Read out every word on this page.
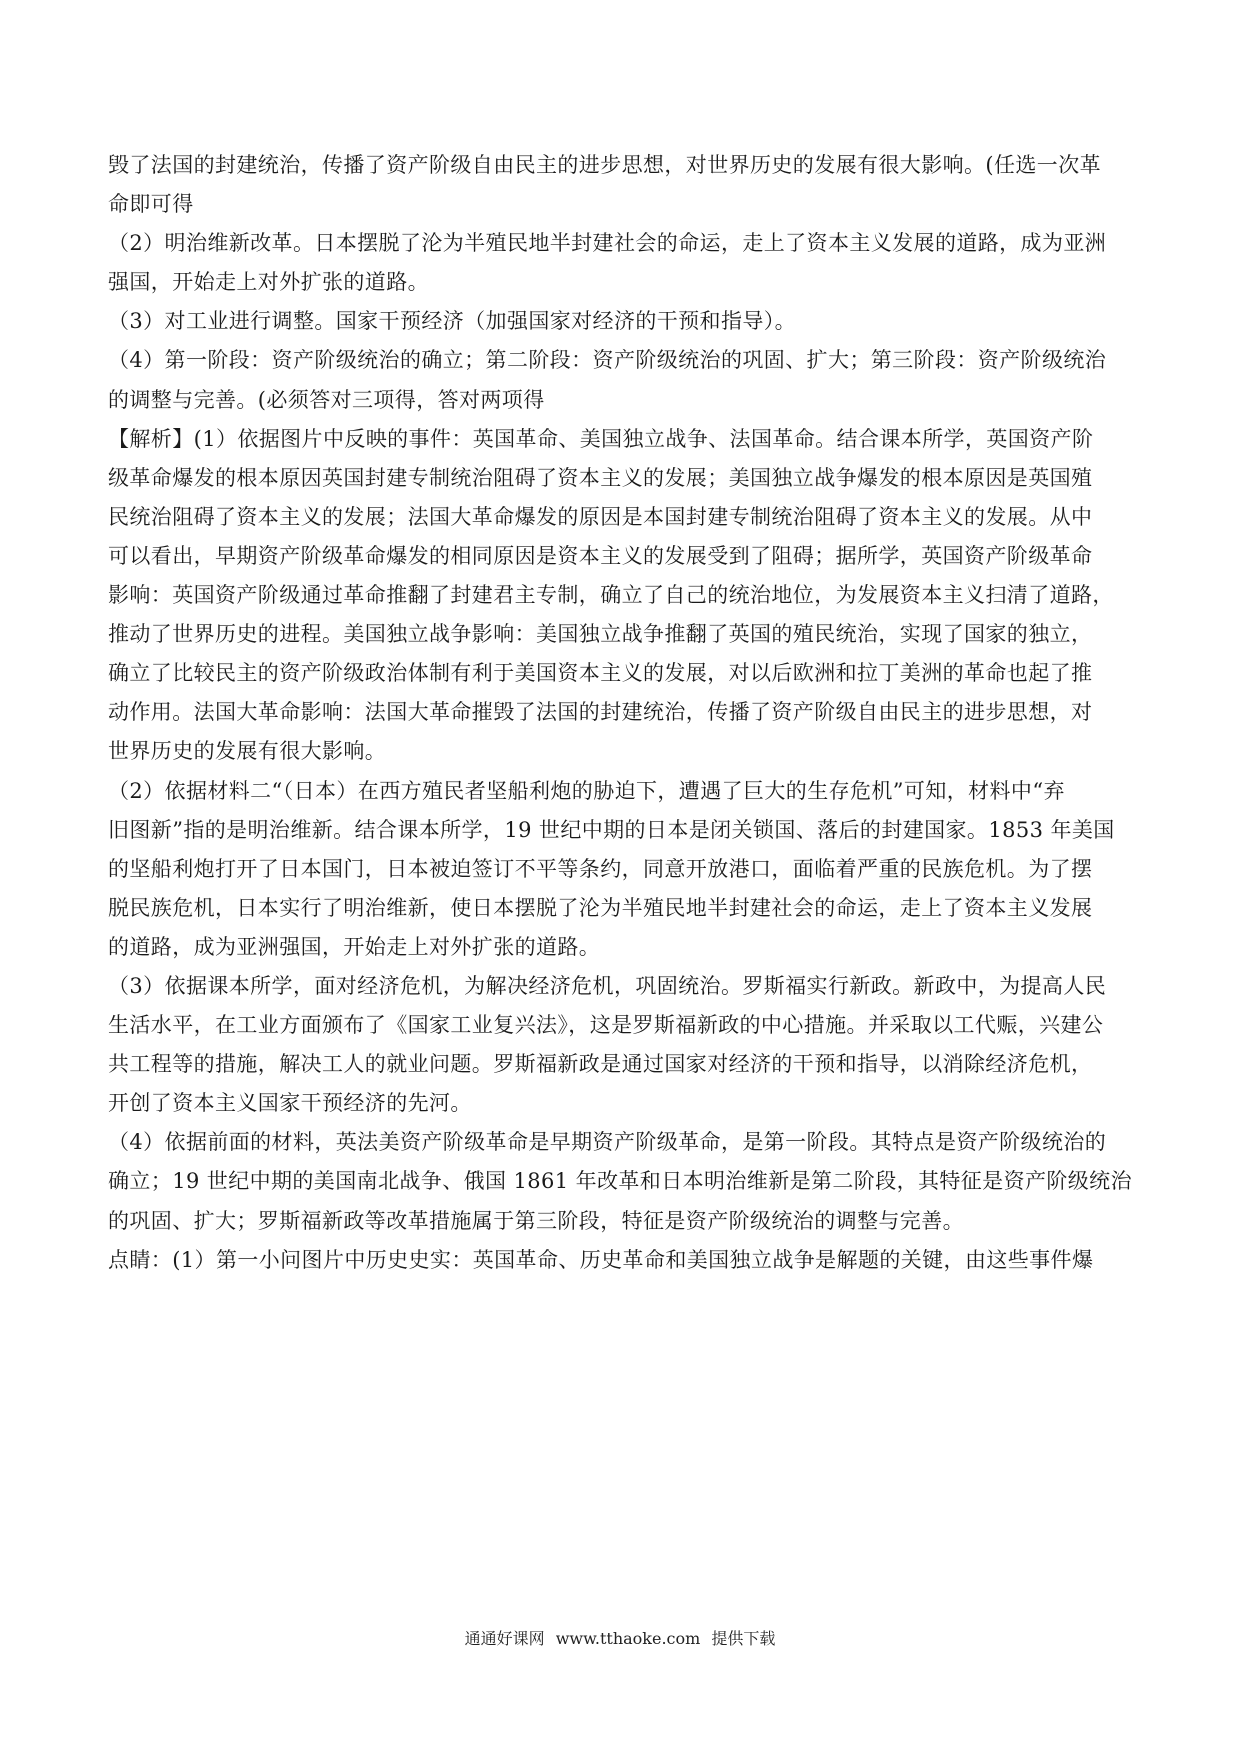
毁了法国的封建统治，传播了资产阶级自由民主的进步思想，对世界历史的发展有很大影响。(任选一次革
命即可得
（2）明治维新改革。日本摆脱了沦为半殖民地半封建社会的命运，走上了资本主义发展的道路，成为亚洲
强国，开始走上对外扩张的道路。
（3）对工业进行调整。国家干预经济（加强国家对经济的干预和指导）。
（4）第一阶段：资产阶级统治的确立；第二阶段：资产阶级统治的巩固、扩大；第三阶段：资产阶级统治
的调整与完善。(必须答对三项得，答对两项得
【解析】(1）依据图片中反映的事件：英国革命、美国独立战争、法国革命。结合课本所学，英国资产阶
级革命爆发的根本原因英国封建专制统治阻碍了资本主义的发展；美国独立战争爆发的根本原因是英国殖
民统治阻碍了资本主义的发展；法国大革命爆发的原因是本国封建专制统治阻碍了资本主义的发展。从中
可以看出，早期资产阶级革命爆发的相同原因是资本主义的发展受到了阻碍；据所学，英国资产阶级革命
影响：英国资产阶级通过革命推翻了封建君主专制，确立了自己的统治地位，为发展资本主义扫清了道路，
推动了世界历史的进程。美国独立战争影响：美国独立战争推翻了英国的殖民统治，实现了国家的独立，
确立了比较民主的资产阶级政治体制有利于美国资本主义的发展，对以后欧洲和拉丁美洲的革命也起了推
动作用。法国大革命影响：法国大革命摧毁了法国的封建统治，传播了资产阶级自由民主的进步思想，对
世界历史的发展有很大影响。
（2）依据材料二“（日本）在西方殖民者坚船利炮的胁迫下，遭遇了巨大的生存危机”可知，材料中“弃
旧图新”指的是明治维新。结合课本所学，19 世纪中期的日本是闭关锁国、落后的封建国家。1853 年美国
的坚船利炮打开了日本国门，日本被迫签订不平等条约，同意开放港口，面临着严重的民族危机。为了摆
脱民族危机，日本实行了明治维新，使日本摆脱了沦为半殖民地半封建社会的命运，走上了资本主义发展
的道路，成为亚洲强国，开始走上对外扩张的道路。
（3）依据课本所学，面对经济危机，为解决经济危机，巩固统治。罗斯福实行新政。新政中，为提高人民
生活水平，在工业方面颁布了《国家工业复兴法》，这是罗斯福新政的中心措施。并采取以工代赈，兴建公
共工程等的措施，解决工人的就业问题。罗斯福新政是通过国家对经济的干预和指导，以消除经济危机，
开创了资本主义国家干预经济的先河。
（4）依据前面的材料，英法美资产阶级革命是早期资产阶级革命，是第一阶段。其特点是资产阶级统治的
确立；19 世纪中期的美国南北战争、俄国 1861 年改革和日本明治维新是第二阶段，其特征是资产阶级统治
的巩固、扩大；罗斯福新政等改革措施属于第三阶段，特征是资产阶级统治的调整与完善。
点睛：(1）第一小问图片中历史史实：英国革命、历史革命和美国独立战争是解题的关键，由这些事件爆
通通好课网 www.tthaoke.com 提供下载
